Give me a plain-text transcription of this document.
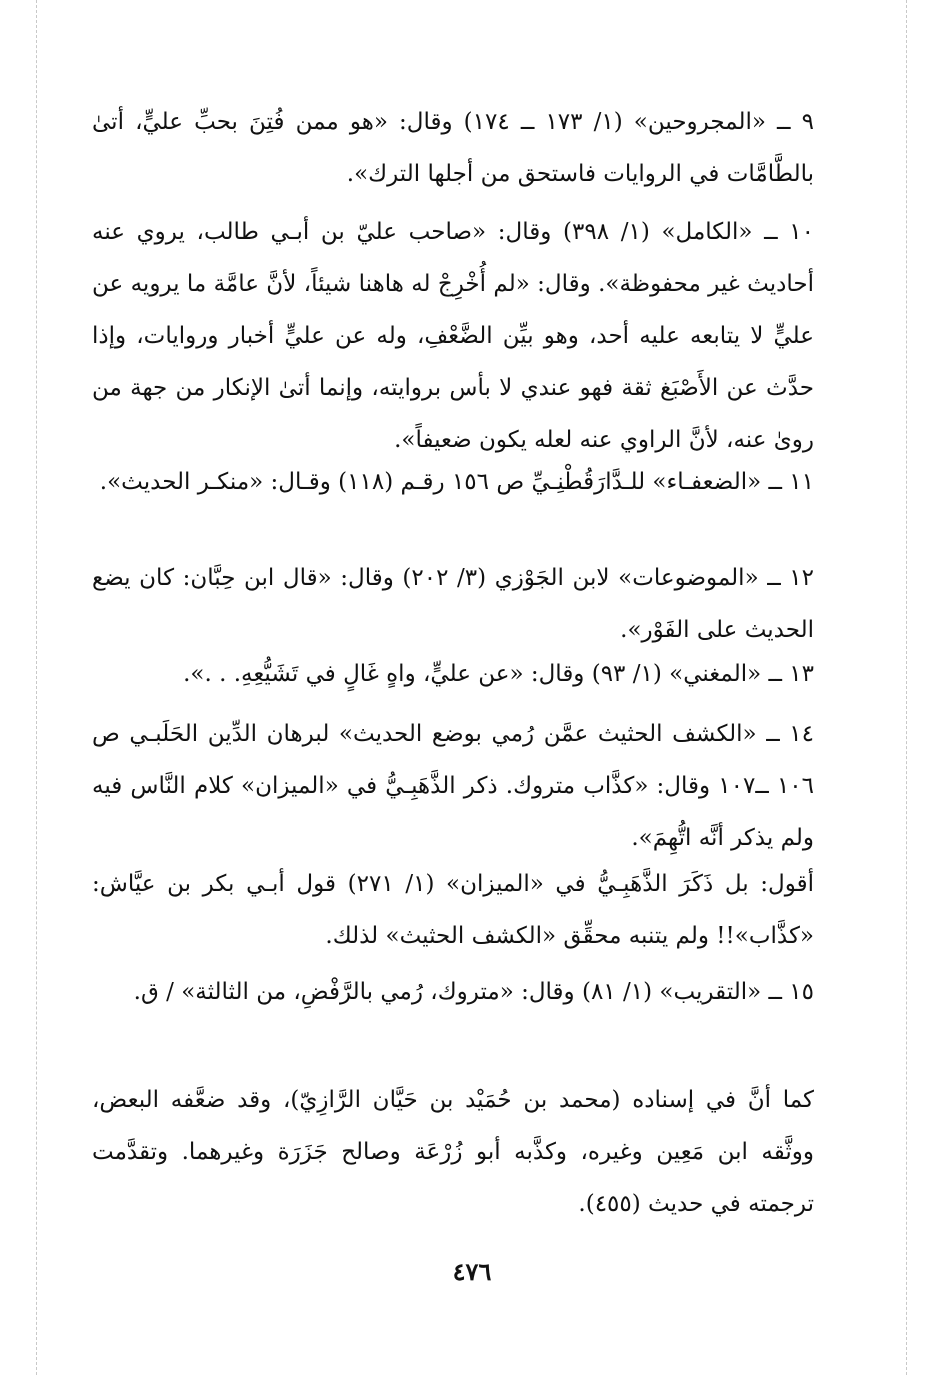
٩ ــ «المجروحين» (١/ ١٧٣ ــ ١٧٤) وقال: «هو ممن فُتِنَ بحبِّ عليٍّ، أتىٰ بالطَّامَّات في الروايات فاستحق من أجلها الترك».

١٠ ــ «الكامل» (١/ ٣٩٨) وقال: «صاحب عليّ بن أبـي طالب، يروي عنه أحاديث غير محفوظة». وقال: «لم أُخْرِجْ له هاهنا شيئاً، لأنَّ عامَّة ما يرويه عن عليٍّ لا يتابعه عليه أحد، وهو بيِّن الضَّعْفِ، وله عن عليٍّ أخبار وروايات، وإذا حدَّث عن الأَصْبَغ ثقة فهو عندي لا بأس بروايته، وإنما أتىٰ الإنكار من جهة من روىٰ عنه، لأنَّ الراوي عنه لعله يكون ضعيفاً».

١١ ــ «الضعفـاء» للـدَّارَقُطْنِـيِّ ص ١٥٦ رقـم (١١٨) وقـال: «منكـر الحديث».

١٢ ــ «الموضوعات» لابن الجَوْزي (٣/ ٢٠٢) وقال: «قال ابن حِبَّان: كان يضع الحديث على الفَوْر».

١٣ ــ «المغني» (١/ ٩٣) وقال: «عن عليٍّ، واهٍ غَالٍ في تَشَيُّعِهِ. . .».

١٤ ــ «الكشف الحثيث عمَّن رُمي بوضع الحديث» لبرهان الدِّين الحَلَبـي ص ١٠٦ ــ١٠٧ وقال: «كذَّاب متروك. ذكر الذَّهَبِـيُّ في «الميزان» كلام النَّاس فيه ولم يذكر أنَّه اتُّهِمَ».

أقول: بل ذَكَرَ الذَّهَبِـيُّ في «الميزان» (١/ ٢٧١) قول أبـي بكر بن عيَّاش: «كذَّاب»!! ولم يتنبه محقِّق «الكشف الحثيث» لذلك.

١٥ ــ «التقريب» (١/ ٨١) وقال: «متروك، رُمي بالرَّفْضِ، من الثالثة» / ق.

كما أنَّ في إسناده (محمد بن حُمَيْد بن حَيَّان الرَّازِيّ)، وقد ضعَّفه البعض، ووثَّقه ابن مَعِين وغيره، وكذَّبه أبو زُرْعَة وصالح جَزَرَة وغيرهما. وتقدَّمت ترجمته في حديث (٤٥٥).

٤٧٦
